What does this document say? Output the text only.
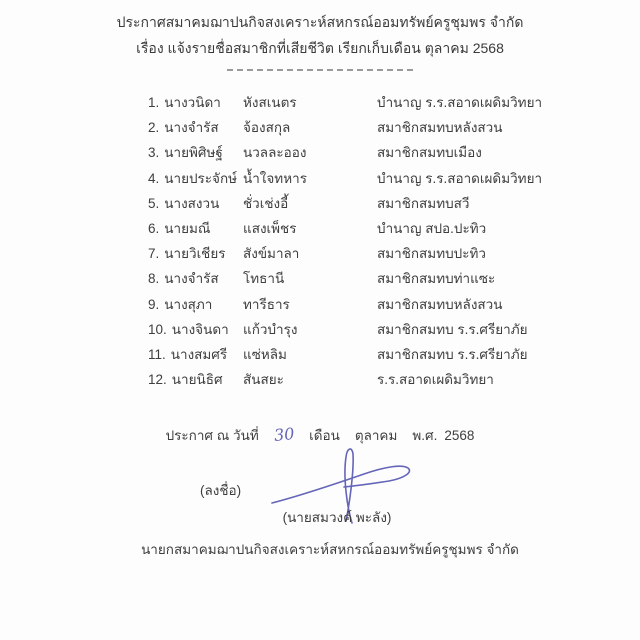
ประกาศสมาคมฌาปนกิจสงเคราะห์สหกรณ์ออมทรัพย์ครูชุมพร จำกัด
เรื่อง แจ้งรายชื่อสมาชิกที่เสียชีวิต เรียกเก็บเดือน ตุลาคม 2568
1. นางวนิดา หังสเนตร	บำนาญ ร.ร.สอาดเผดิมวิทยา
2. นางจำรัส จ้องสกุล	สมาชิกสมทบหลังสวน
3. นายพิศิษฐ์ นวลละออง	สมาชิกสมทบเมือง
4. นายประจักษ์ น้ำใจทหาร	บำนาญ ร.ร.สอาดเผดิมวิทยา
5. นางสงวน ชั่วเช่งอี้	สมาชิกสมทบสวี
6. นายมณี แสงเพ็ชร	บำนาญ สปอ.ปะทิว
7. นายวิเชียร สังข์มาลา	สมาชิกสมทบปะทิว
8. นางจำรัส โทธานี	สมาชิกสมทบท่าแซะ
9. นางสุภา ทารีธาร	สมาชิกสมทบหลังสวน
10. นางจินดา แก้วบำรุง	สมาชิกสมทบ ร.ร.ศรียาภัย
11. นางสมศรี แซ่หลิม	สมาชิกสมทบ ร.ร.ศรียาภัย
12. นายนิธิศ สันสยะ	ร.ร.สอาดเผดิมวิทยา
ประกาศ ณ วันที่ 30 เดือน ตุลาคม พ.ศ. 2568
(ลงชื่อ)
(นายสมวงค์ พะลัง)
นายกสมาคมฌาปนกิจสงเคราะห์สหกรณ์ออมทรัพย์ครูชุมพร จำกัด
